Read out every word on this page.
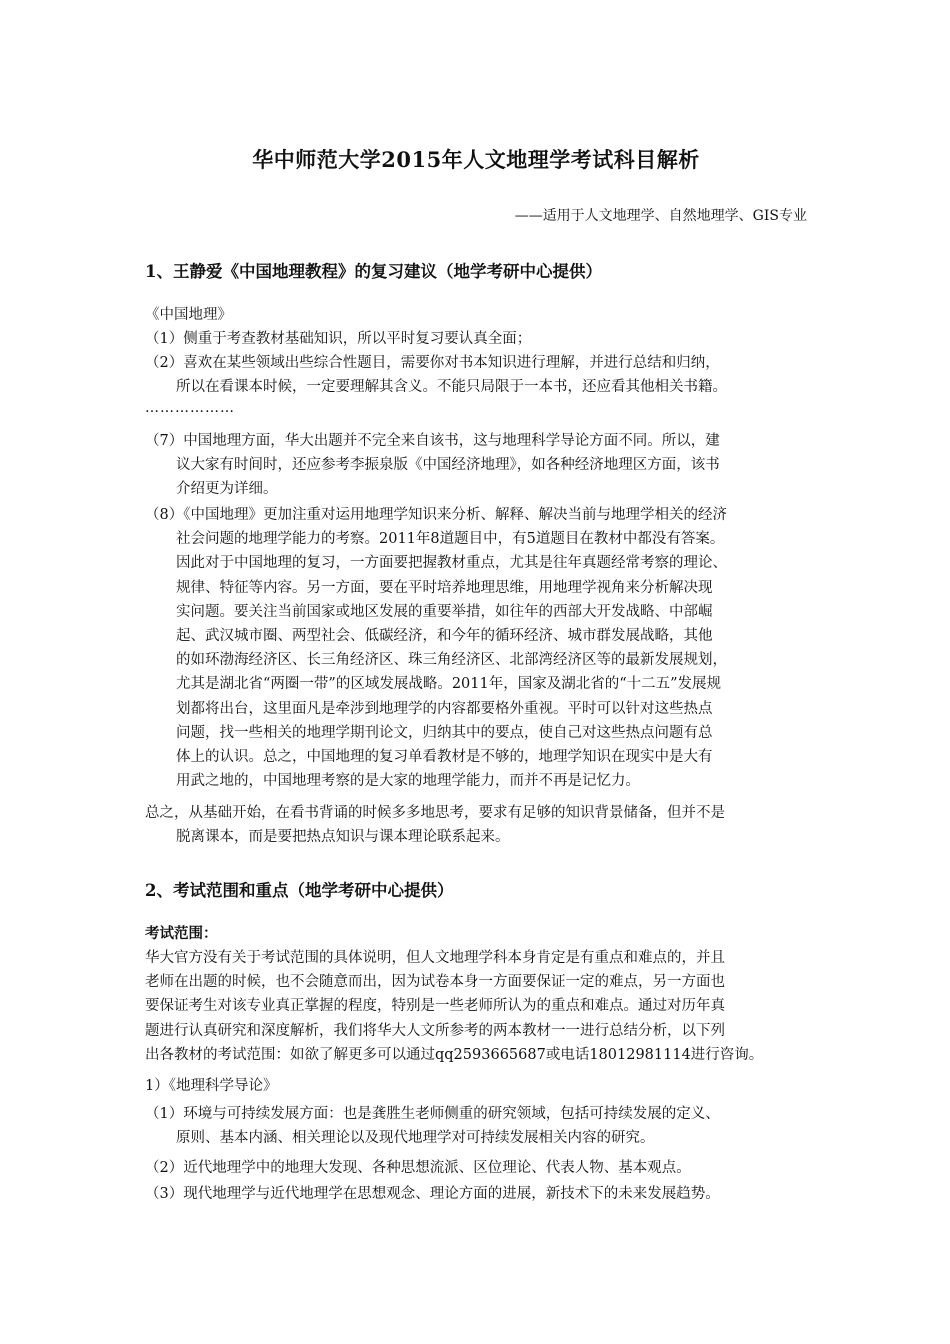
华中师范大学2015年人文地理学考试科目解析
——适用于人文地理学、自然地理学、GIS专业
1、王静爱《中国地理教程》的复习建议（地学考研中心提供）
《中国地理》
（1）侧重于考查教材基础知识，所以平时复习要认真全面；
（2）喜欢在某些领域出些综合性题目，需要你对书本知识进行理解，并进行总结和归纳，
所以在看课本时候，一定要理解其含义。不能只局限于一本书，还应看其他相关书籍。
………………
（7）中国地理方面，华大出题并不完全来自该书，这与地理科学导论方面不同。所以，建
议大家有时间时，还应参考李振泉版《中国经济地理》，如各种经济地理区方面，该书
介绍更为详细。
（8）《中国地理》更加注重对运用地理学知识来分析、解释、解决当前与地理学相关的经济
社会问题的地理学能力的考察。2011年8道题目中，有5道题目在教材中都没有答案。
因此对于中国地理的复习，一方面要把握教材重点，尤其是往年真题经常考察的理论、
规律、特征等内容。另一方面，要在平时培养地理思维，用地理学视角来分析解决现
实问题。要关注当前国家或地区发展的重要举措，如往年的西部大开发战略、中部崛
起、武汉城市圈、两型社会、低碳经济，和今年的循环经济、城市群发展战略，其他
的如环渤海经济区、长三角经济区、珠三角经济区、北部湾经济区等的最新发展规划，
尤其是湖北省“两圈一带”的区域发展战略。2011年，国家及湖北省的“十二五”发展规
划都将出台，这里面凡是牵涉到地理学的内容都要格外重视。平时可以针对这些热点
问题，找一些相关的地理学期刊论文，归纳其中的要点，使自己对这些热点问题有总
体上的认识。总之，中国地理的复习单看教材是不够的，地理学知识在现实中是大有
用武之地的，中国地理考察的是大家的地理学能力，而并不再是记忆力。
总之，从基础开始，在看书背诵的时候多多地思考，要求有足够的知识背景储备，但并不是
脱离课本，而是要把热点知识与课本理论联系起来。
2、考试范围和重点（地学考研中心提供）
考试范围：
华大官方没有关于考试范围的具体说明，但人文地理学科本身肯定是有重点和难点的，并且
老师在出题的时候，也不会随意而出，因为试卷本身一方面要保证一定的难点，另一方面也
要保证考生对该专业真正掌握的程度，特别是一些老师所认为的重点和难点。通过对历年真
题进行认真研究和深度解析，我们将华大人文所参考的两本教材一一进行总结分析，以下列
出各教材的考试范围：如欲了解更多可以通过qq2593665687或电话18012981114进行咨询。
1）《地理科学导论》
（1）环境与可持续发展方面：也是龚胜生老师侧重的研究领域，包括可持续发展的定义、
原则、基本内涵、相关理论以及现代地理学对可持续发展相关内容的研究。
（2）近代地理学中的地理大发现、各种思想流派、区位理论、代表人物、基本观点。
（3）现代地理学与近代地理学在思想观念、理论方面的进展，新技术下的未来发展趋势。
